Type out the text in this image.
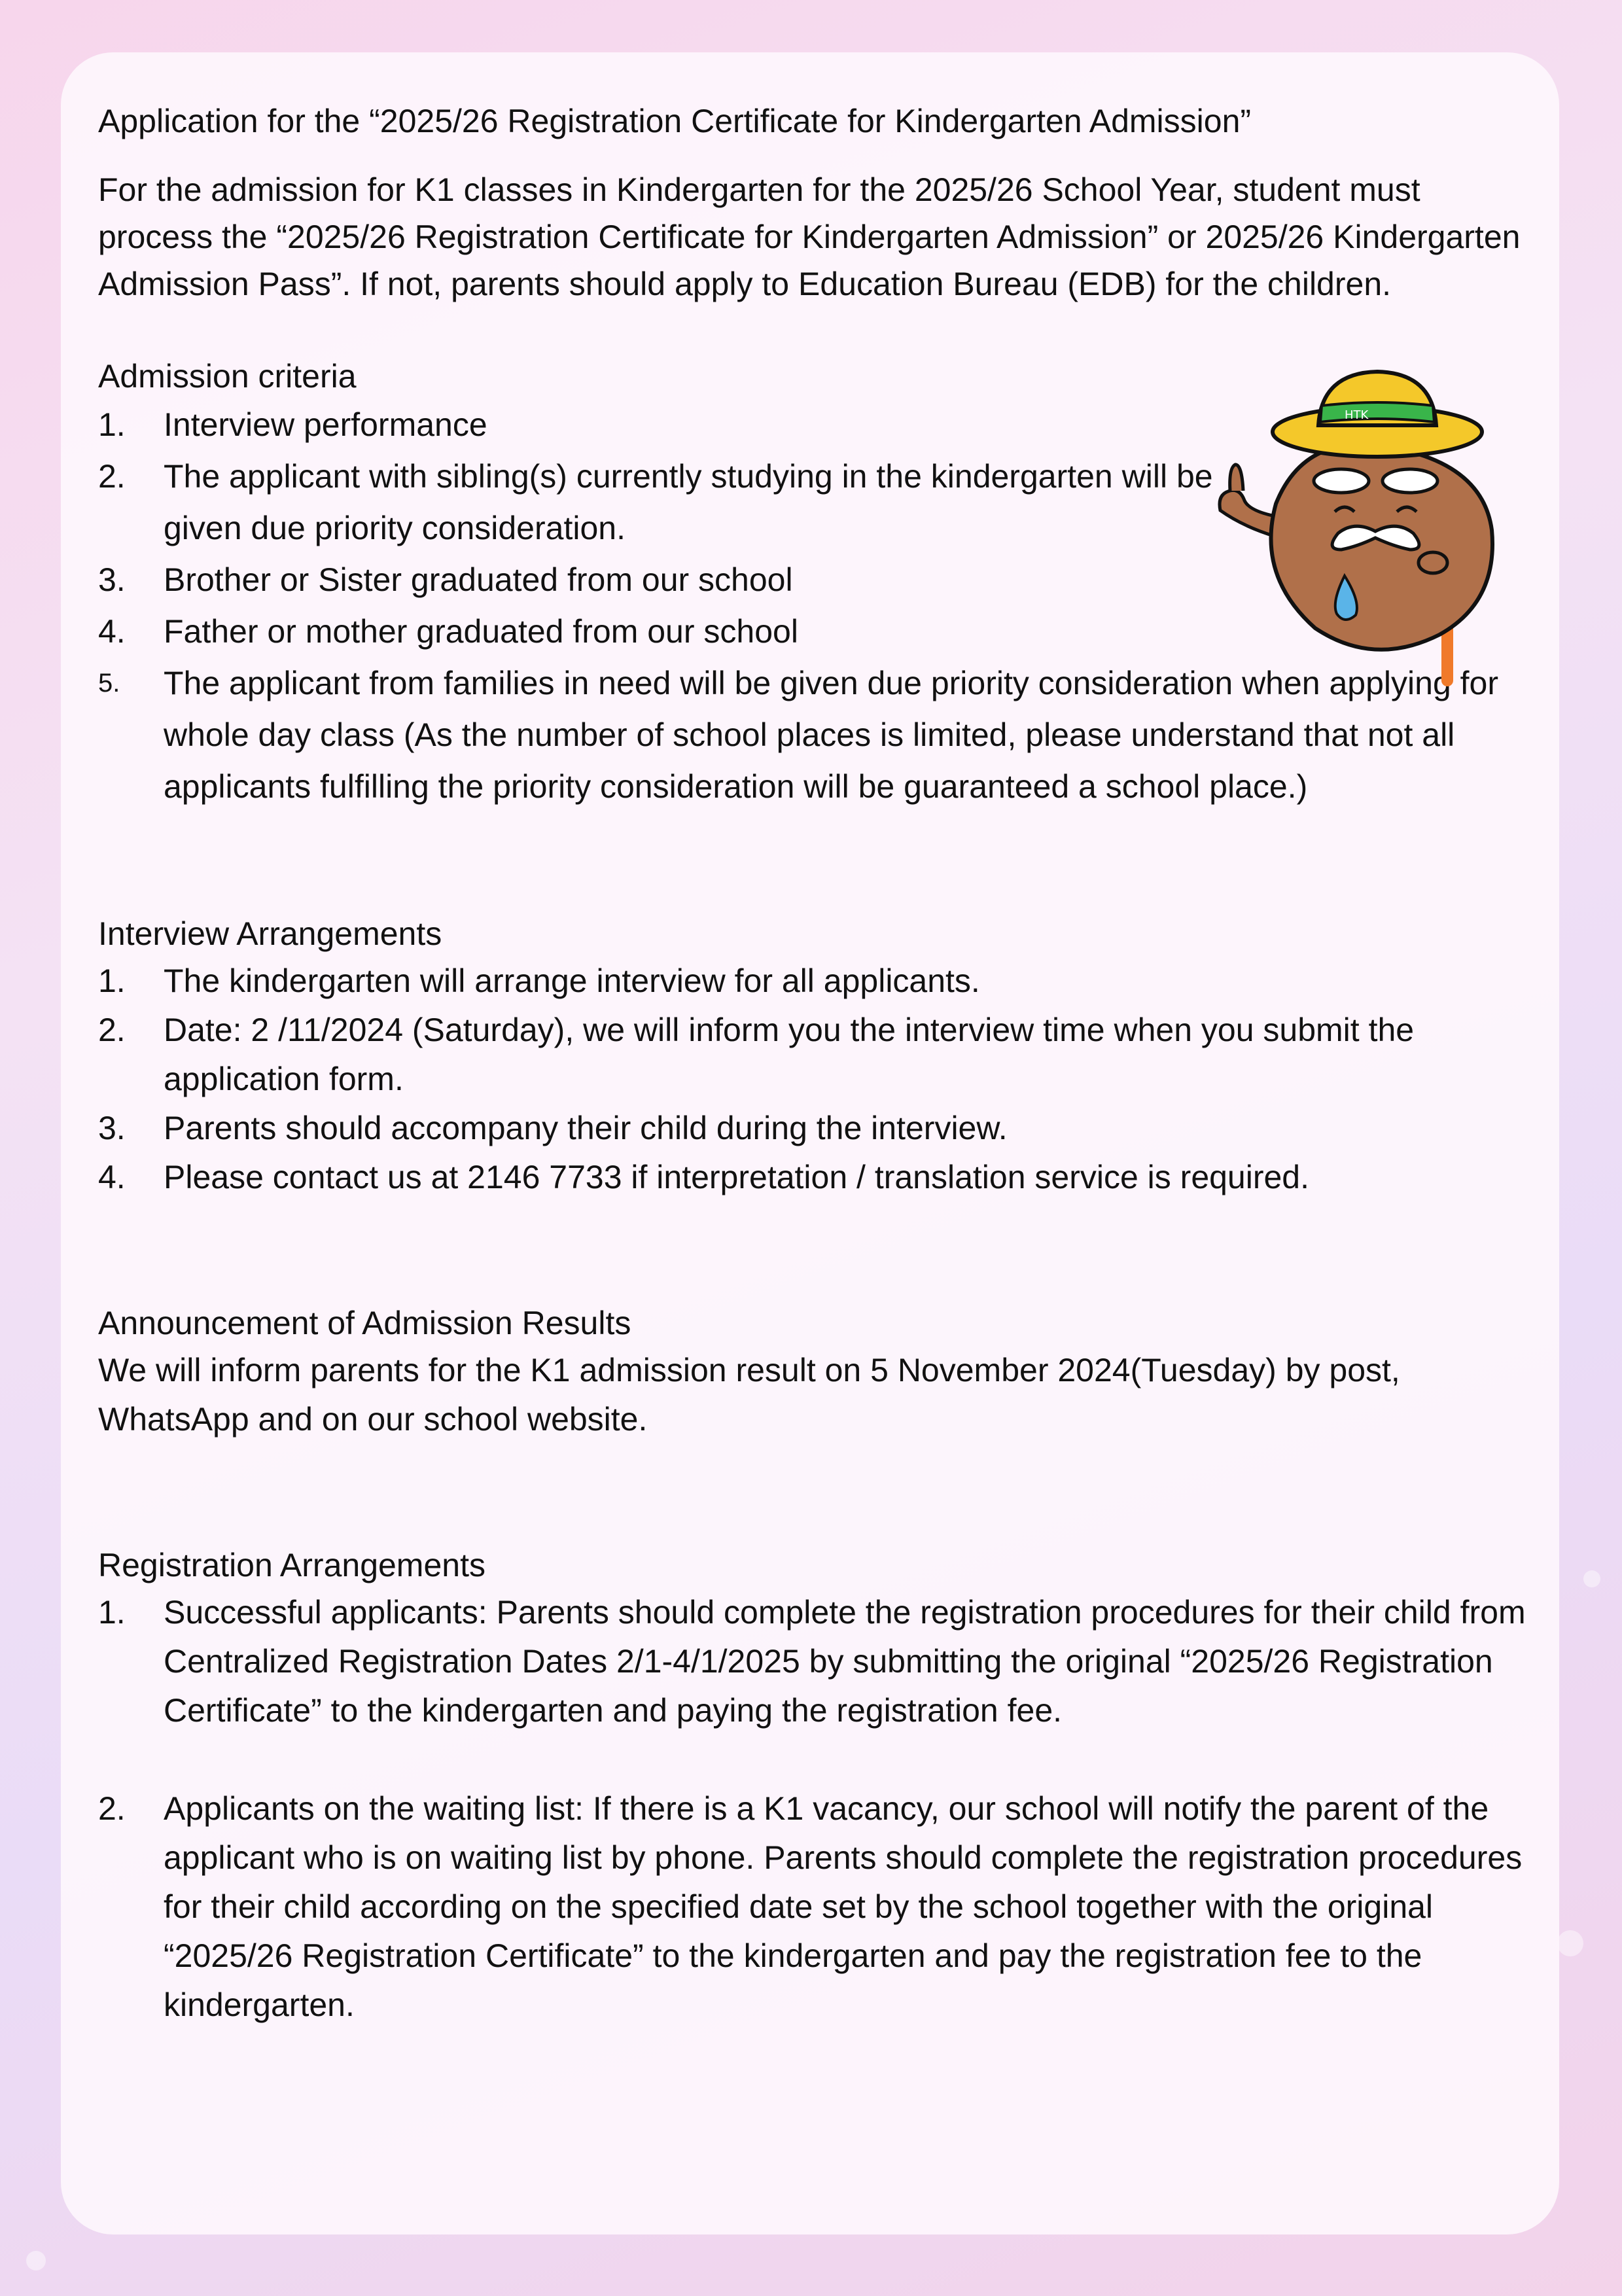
Application for the “2025/26 Registration Certificate for Kindergarten Admission”

For the admission for K1 classes in Kindergarten for the 2025/26 School Year, student must process the “2025/26 Registration Certificate for Kindergarten Admission” or 2025/26 Kindergarten Admission Pass”. If not, parents should apply to Education Bureau (EDB) for the children.

Admission criteria
1. Interview performance
2. The applicant with sibling(s) currently studying in the kindergarten will be given due priority consideration.
3. Brother or Sister graduated from our school
4. Father or mother graduated from our school
5. The applicant from families in need will be given due priority consideration when applying for whole day class (As the number of school places is limited, please understand that not all applicants fulfilling the priority consideration will be guaranteed a school place.)
Interview Arrangements
1. The kindergarten will arrange interview for all applicants.
2. Date: 2 /11/2024 (Saturday), we will inform you the interview time when you submit the application form.
3. Parents should accompany their child during the interview.
4. Please contact us at 2146 7733 if interpretation / translation service is required.
Announcement of Admission Results

We will inform parents for the K1 admission result on 5 November 2024(Tuesday) by post, WhatsApp and on our school website.

Registration Arrangements
1. Successful applicants: Parents should complete the registration procedures for their child from Centralized Registration Dates 2/1-4/1/2025 by submitting the original “2025/26 Registration Certificate” to the kindergarten and paying the registration fee.
2. Applicants on the waiting list: If there is a K1 vacancy, our school will notify the parent of the applicant who is on waiting list by phone. Parents should complete the registration procedures for their child according on the specified date set by the school together with the original “2025/26 Registration Certificate” to the kindergarten and pay the registration fee to the kindergarten.
HTK
